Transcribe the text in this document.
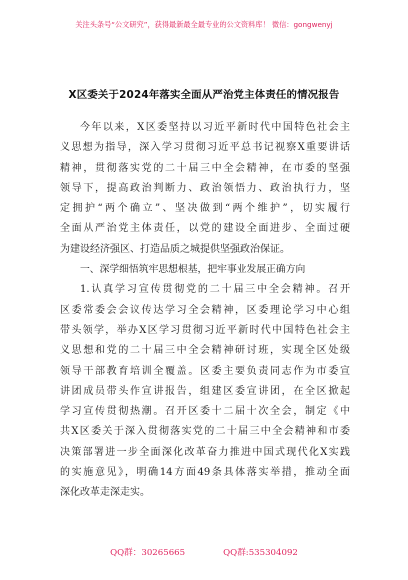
关注头条号“公文研究”，获得最新最全最专业的公文资料库！ 微信：gongwenyj
X区委关于2024年落实全面从严治党主体责任的情况报告
今年以来，X区委坚持以习近平新时代中国特色社会主
义思想为指导，深入学习贯彻习近平总书记视察X重要讲话
精神，贯彻落实党的二十届三中全会精神，在市委的坚强
领导下，提高政治判断力、政治领悟力、政治执行力，坚
定拥护“两个确立”、坚决做到“两个维护”，切实履行
全面从严治党主体责任，以党的建设全面进步、全面过硬
为建设经济强区、打造品质之城提供坚强政治保证。
一、深学细悟筑牢思想根基，把牢事业发展正确方向
1.认真学习宣传贯彻党的二十届三中全会精神。召开
区委常委会会议传达学习全会精神，区委理论学习中心组
带头领学，举办X区学习贯彻习近平新时代中国特色社会主
义思想和党的二十届三中全会精神研讨班，实现全区处级
领导干部教育培训全覆盖。区委主要负责同志作为市委宣
讲团成员带头作宣讲报告，组建区委宣讲团，在全区掀起
学习宣传贯彻热潮。召开区委十二届十次全会，制定《中
共X区委关于深入贯彻落实党的二十届三中全会精神和市委
决策部署进一步全面深化改革奋力推进中国式现代化X实践
的实施意见》，明确14方面49条具体落实举措，推动全面
深化改革走深走实。
QQ群：30265665	QQ群:535304092
